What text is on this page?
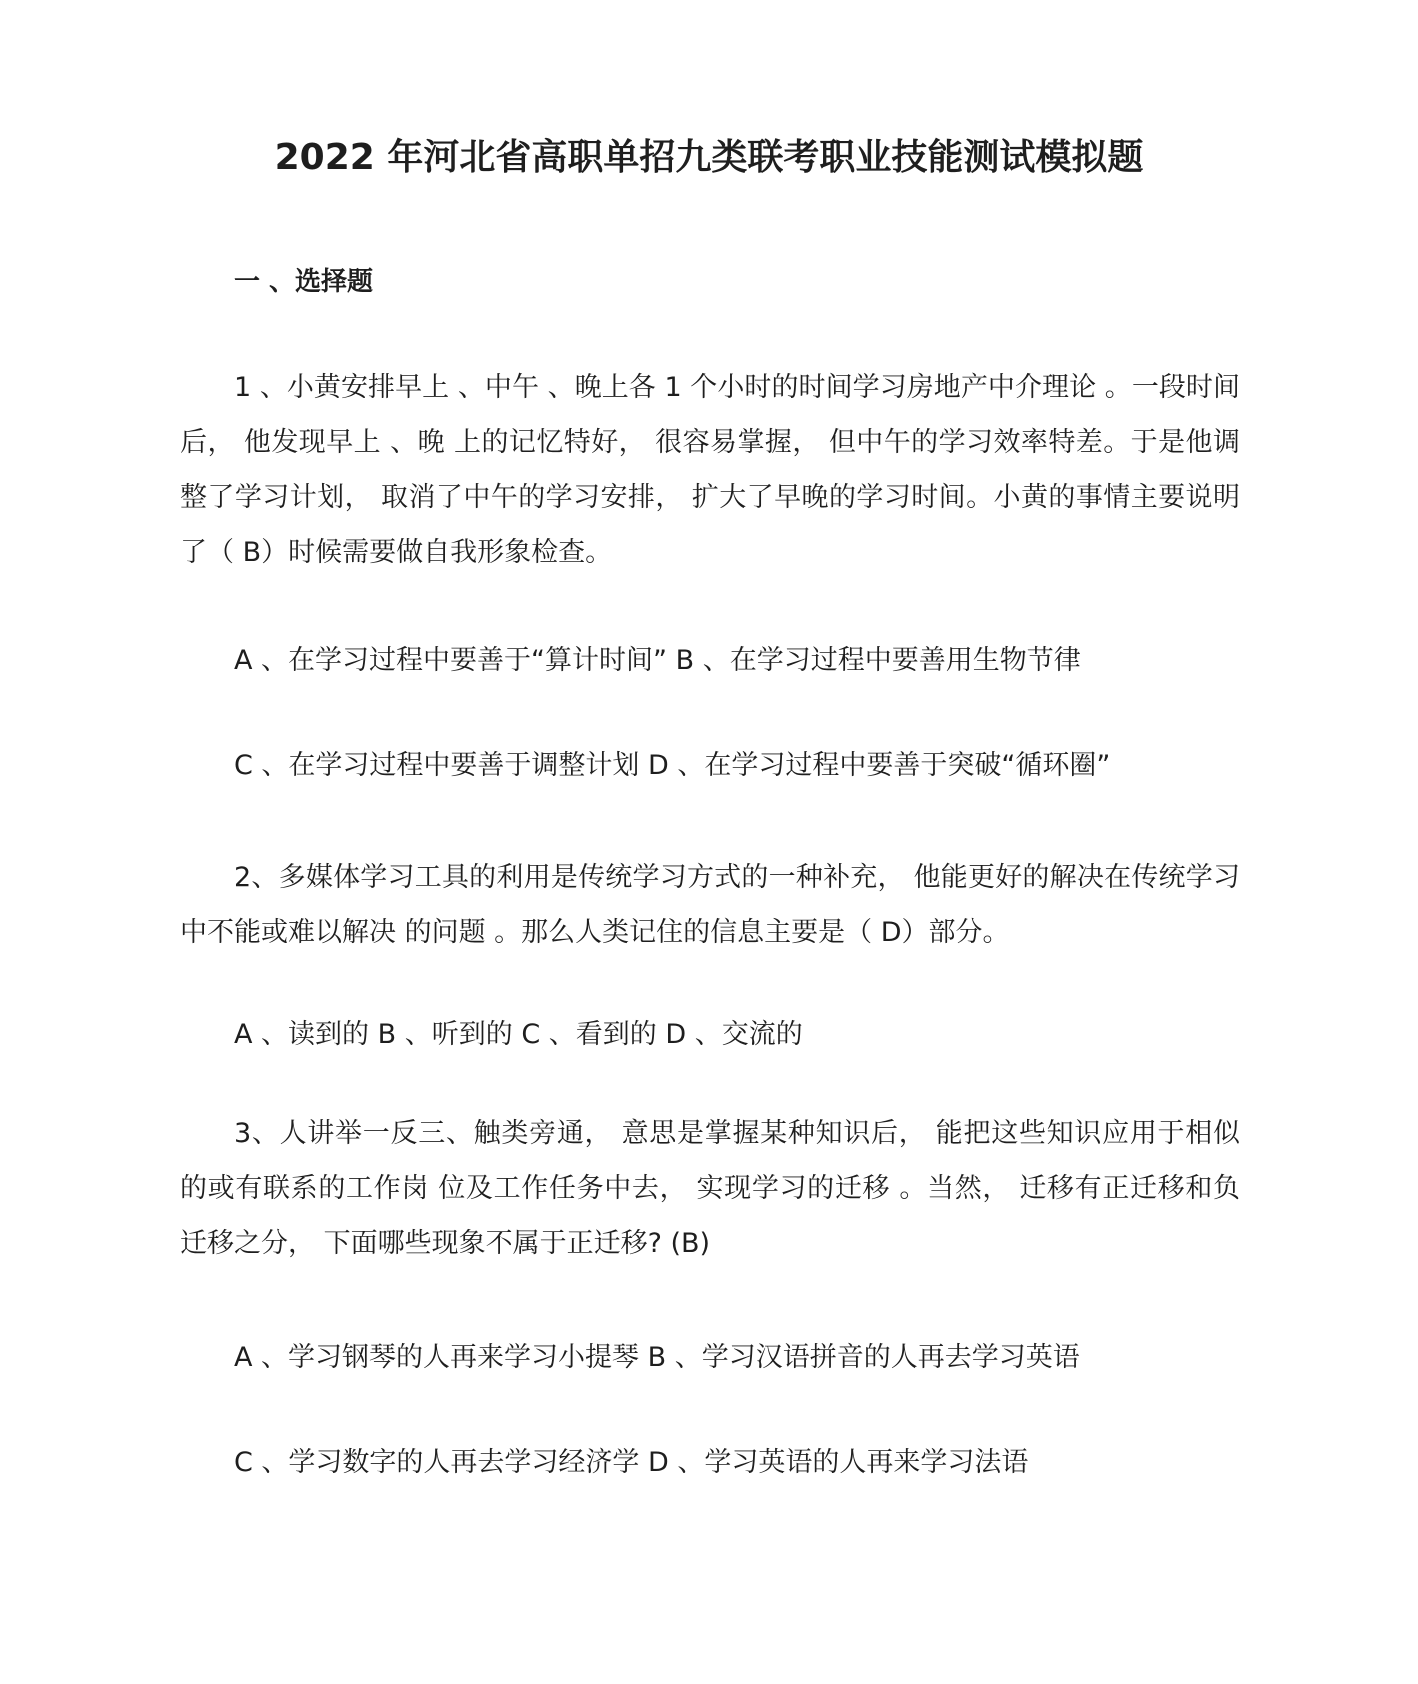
2022 年河北省高职单招九类联考职业技能测试模拟题
一 、选择题
1 、小黄安排早上 、中午 、晚上各 1 个小时的时间学习房地产中介理论 。一段时间后， 他发现早上 、晚 上的记忆特好， 很容易掌握， 但中午的学习效率特差。于是他调整了学习计划， 取消了中午的学习安排， 扩大了早晚的学习时间。小黄的事情主要说明了（ B）时候需要做自我形象检查。
A 、在学习过程中要善于“算计时间” B 、在学习过程中要善用生物节律
C 、在学习过程中要善于调整计划 D 、在学习过程中要善于突破“循环圈”
2、多媒体学习工具的利用是传统学习方式的一种补充， 他能更好的解决在传统学习中不能或难以解决 的问题 。那么人类记住的信息主要是（ D）部分。
A 、读到的 B 、听到的 C 、看到的 D 、交流的
3、人讲举一反三、触类旁通， 意思是掌握某种知识后， 能把这些知识应用于相似的或有联系的工作岗 位及工作任务中去， 实现学习的迁移 。当然， 迁移有正迁移和负迁移之分， 下面哪些现象不属于正迁移? (B)
A 、学习钢琴的人再来学习小提琴 B 、学习汉语拼音的人再去学习英语
C 、学习数字的人再去学习经济学 D 、学习英语的人再来学习法语
